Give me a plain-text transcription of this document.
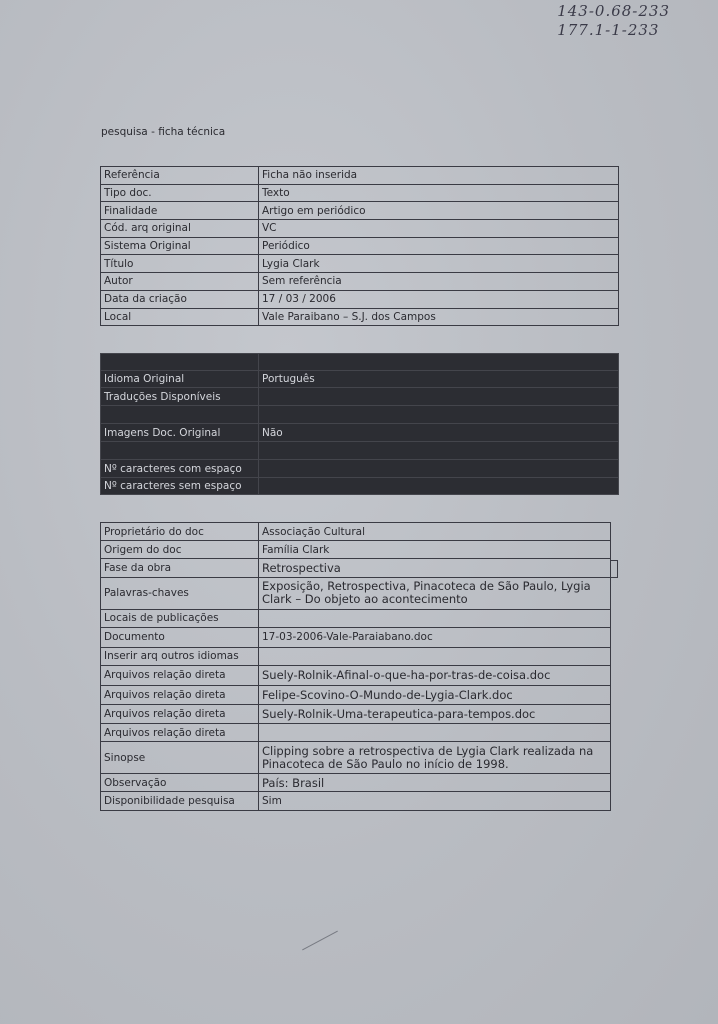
143-0.68-233
177.1-1-233
pesquisa - ficha técnica
Referência	Ficha não inserida
Tipo doc.	Texto
Finalidade	Artigo em periódico
Cód. arq original	VC
Sistema Original	Periódico
Título	Lygia Clark
Autor	Sem referência
Data da criação	17 / 03 / 2006
Local	Vale Paraibano – S.J. dos Campos

Idioma Original	Português
Traduções Disponíveis	

Imagens Doc. Original	Não

Nº caracteres com espaço	
Nº caracteres sem espaço	
Proprietário do doc	Associação Cultural
Origem do doc	Família Clark
Fase da obra	Retrospectiva
Palavras-chaves	Exposição, Retrospectiva, Pinacoteca de São Paulo, Lygia Clark – Do objeto ao acontecimento
Locais de publicações	
Documento	17-03-2006-Vale-Paraiabano.doc
Inserir arq outros idiomas	
Arquivos relação direta	Suely-Rolnik-Afinal-o-que-ha-por-tras-de-coisa.doc
Arquivos relação direta	Felipe-Scovino-O-Mundo-de-Lygia-Clark.doc
Arquivos relação direta	Suely-Rolnik-Uma-terapeutica-para-tempos.doc
Arquivos relação direta	
Sinopse	Clipping sobre a retrospectiva de Lygia Clark realizada na Pinacoteca de São Paulo no início de 1998.
Observação	País: Brasil
Disponibilidade pesquisa	Sim
